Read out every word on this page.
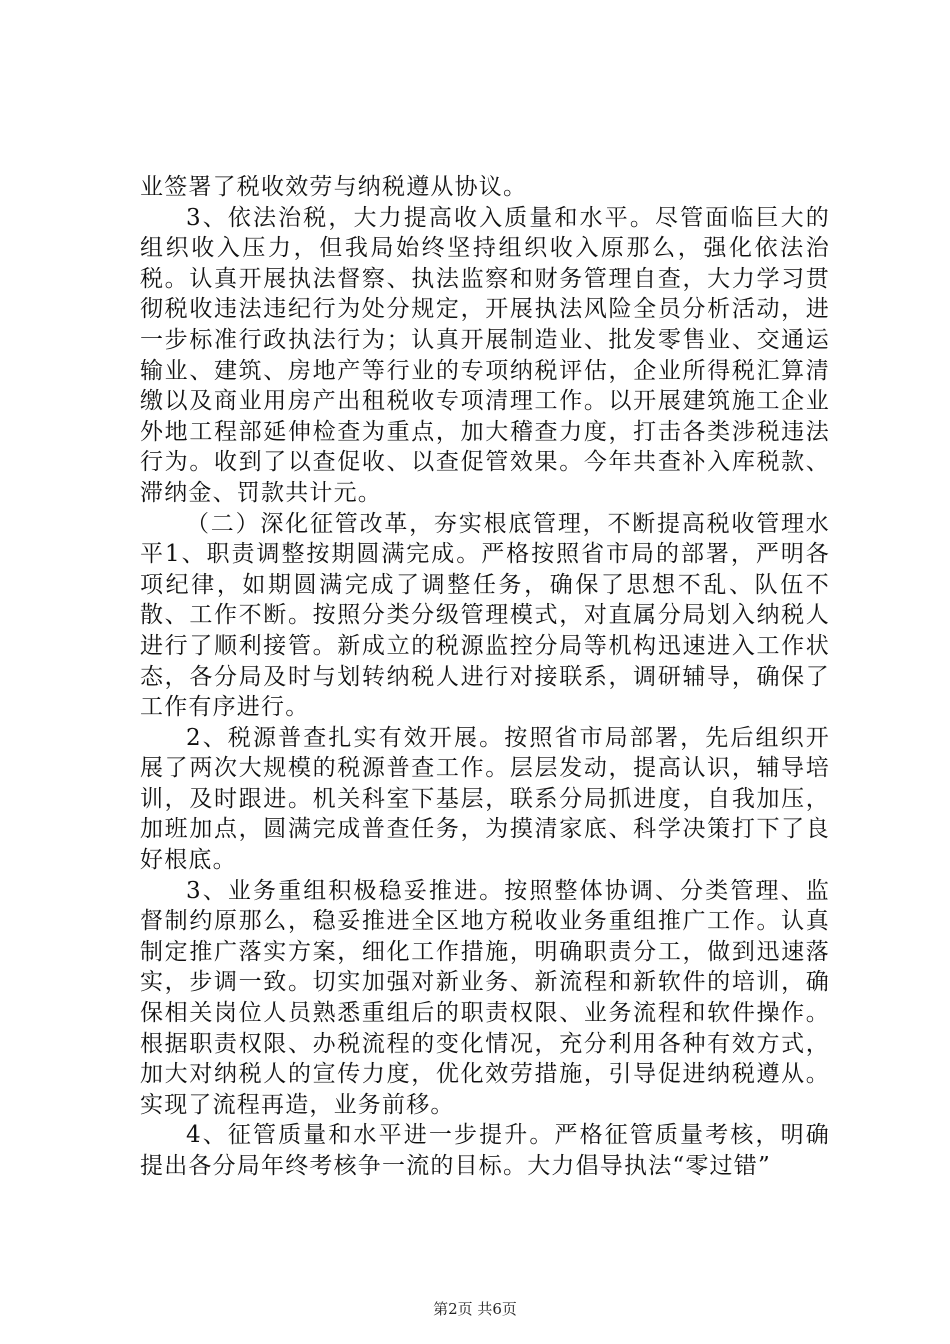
业签署了税收效劳与纳税遵从协议。

3、依法治税，大力提高收入质量和水平。尽管面临巨大的组织收入压力，但我局始终坚持组织收入原那么，强化依法治税。认真开展执法督察、执法监察和财务管理自查，大力学习贯彻税收违法违纪行为处分规定，开展执法风险全员分析活动，进一步标准行政执法行为；认真开展制造业、批发零售业、交通运输业、建筑、房地产等行业的专项纳税评估，企业所得税汇算清缴以及商业用房产出租税收专项清理工作。以开展建筑施工企业外地工程部延伸检查为重点，加大稽查力度，打击各类涉税违法行为。收到了以查促收、以查促管效果。今年共查补入库税款、滞纳金、罚款共计元。

（二）深化征管改革，夯实根底管理，不断提高税收管理水平1、职责调整按期圆满完成。严格按照省市局的部署，严明各项纪律，如期圆满完成了调整任务，确保了思想不乱、队伍不散、工作不断。按照分类分级管理模式，对直属分局划入纳税人进行了顺利接管。新成立的税源监控分局等机构迅速进入工作状态，各分局及时与划转纳税人进行对接联系，调研辅导，确保了工作有序进行。

2、税源普查扎实有效开展。按照省市局部署，先后组织开展了两次大规模的税源普查工作。层层发动，提高认识，辅导培训，及时跟进。机关科室下基层，联系分局抓进度，自我加压，加班加点，圆满完成普查任务，为摸清家底、科学决策打下了良好根底。

3、业务重组积极稳妥推进。按照整体协调、分类管理、监督制约原那么，稳妥推进全区地方税收业务重组推广工作。认真制定推广落实方案，细化工作措施，明确职责分工，做到迅速落实，步调一致。切实加强对新业务、新流程和新软件的培训，确保相关岗位人员熟悉重组后的职责权限、业务流程和软件操作。根据职责权限、办税流程的变化情况，充分利用各种有效方式，加大对纳税人的宣传力度，优化效劳措施，引导促进纳税遵从。实现了流程再造，业务前移。

4、征管质量和水平进一步提升。严格征管质量考核，明确提出各分局年终考核争一流的目标。大力倡导执法“零过错”

第2页 共6页
